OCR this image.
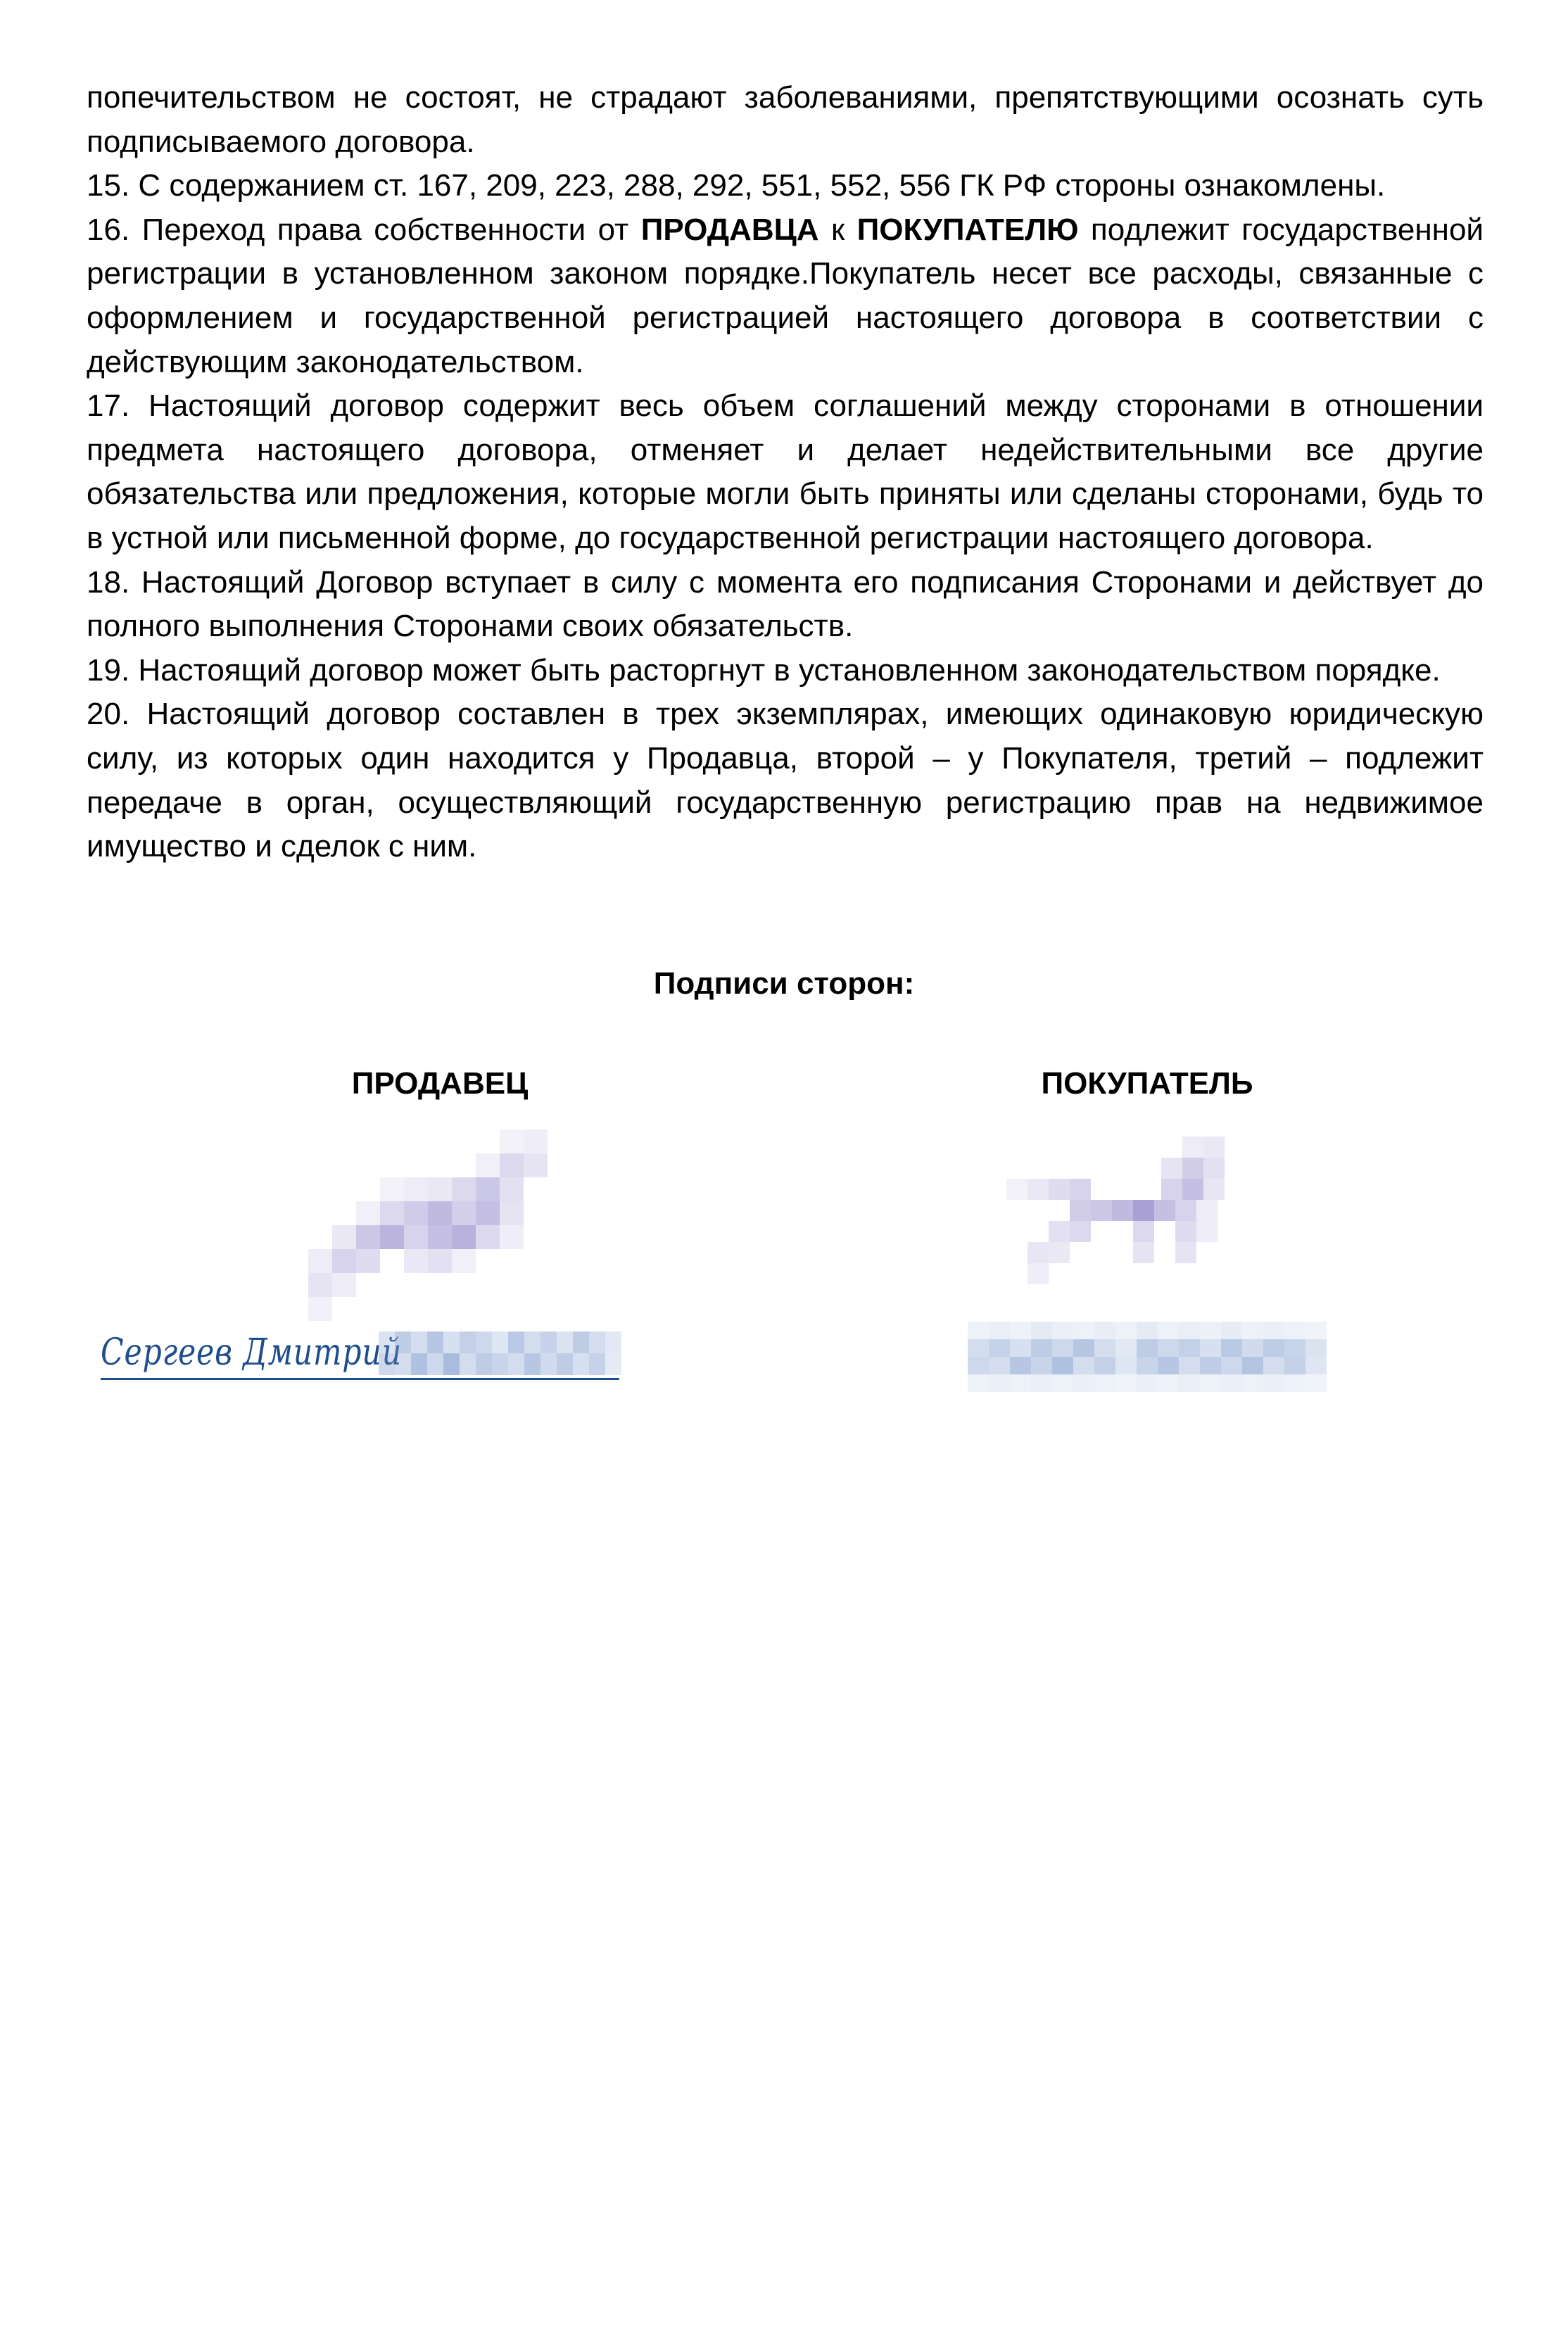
попечительством не состоят, не страдают заболеваниями, препятствующими осознать суть подписываемого договора.

15. С содержанием ст. 167, 209, 223, 288, 292, 551, 552, 556 ГК РФ стороны ознакомлены.

16. Переход права собственности от ПРОДАВЦА к ПОКУПАТЕЛЮ подлежит государственной регистрации в установленном законом порядке.Покупатель несет все расходы, связанные с оформлением и государственной регистрацией настоящего договора в соответствии с действующим законодательством.

17. Настоящий договор содержит весь объем соглашений между сторонами в отношении предмета настоящего договора, отменяет и делает недействительными все другие обязательства или предложения, которые могли быть приняты или сделаны сторонами, будь то в устной или письменной форме, до государственной регистрации настоящего договора.

18. Настоящий Договор вступает в силу с момента его подписания Сторонами и действует до полного выполнения Сторонами своих обязательств.

19. Настоящий договор может быть расторгнут в установленном законодательством порядке.

20. Настоящий договор составлен в трех экземплярах, имеющих одинаковую юридическую силу, из которых один находится у Продавца, второй – у Покупателя, третий – подлежит передаче в орган, осуществляющий государственную регистрацию прав на недвижимое имущество и сделок с ним.

Подписи сторон:
ПРОДАВЕЦ	ПОКУПАТЕЛЬ
Сергеев Дмитрий
